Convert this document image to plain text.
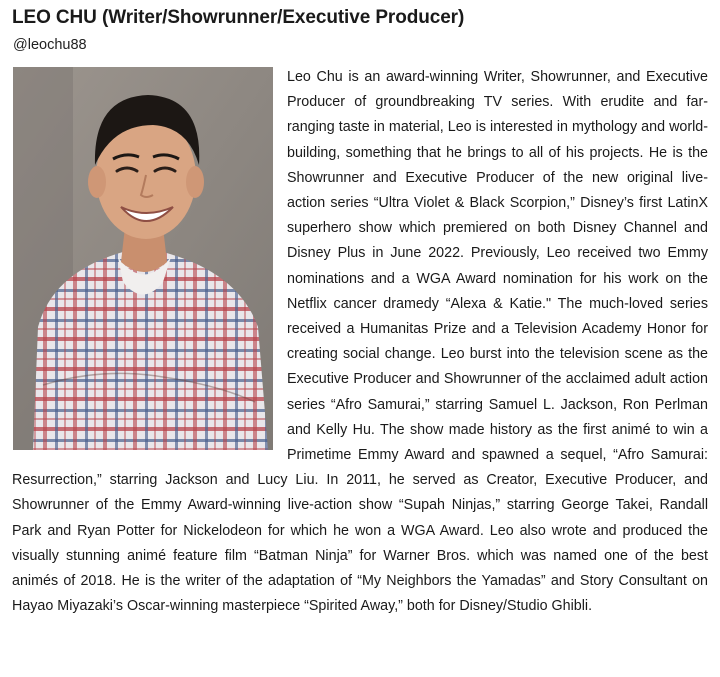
LEO CHU (Writer/Showrunner/Executive Producer)
@leochu88
Leo Chu is an award-winning Writer, Showrunner, and Executive Producer of groundbreaking TV series. With erudite and far-ranging taste in material, Leo is interested in mythology and world-building, something that he brings to all of his projects. He is the Showrunner and Executive Producer of the new original live-action series “Ultra Violet & Black Scorpion,” Disney’s first LatinX superhero show which premiered on both Disney Channel and Disney Plus in June 2022. Previously, Leo received two Emmy nominations and a WGA Award nomination for his work on the Netflix cancer dramedy “Alexa & Katie." The much-loved series received a Humanitas Prize and a Television Academy Honor for creating social change. Leo burst into the television scene as the Executive Producer and Showrunner of the acclaimed adult action series “Afro Samurai,” starring Samuel L. Jackson, Ron Perlman and Kelly Hu. The show made history as the first animé to win a Primetime Emmy Award and spawned a sequel, “Afro Samurai: Resurrection,” starring Jackson and Lucy Liu. In 2011, he served as Creator, Executive Producer, and Showrunner of the Emmy Award-winning live-action show “Supah Ninjas,” starring George Takei, Randall Park and Ryan Potter for Nickelodeon for which he won a WGA Award. Leo also wrote and produced the visually stunning animé feature film “Batman Ninja” for Warner Bros. which was named one of the best animés of 2018. He is the writer of the adaptation of “My Neighbors the Yamadas” and Story Consultant on Hayao Miyazaki’s Oscar-winning masterpiece “Spirited Away,” both for Disney/Studio Ghibli.
